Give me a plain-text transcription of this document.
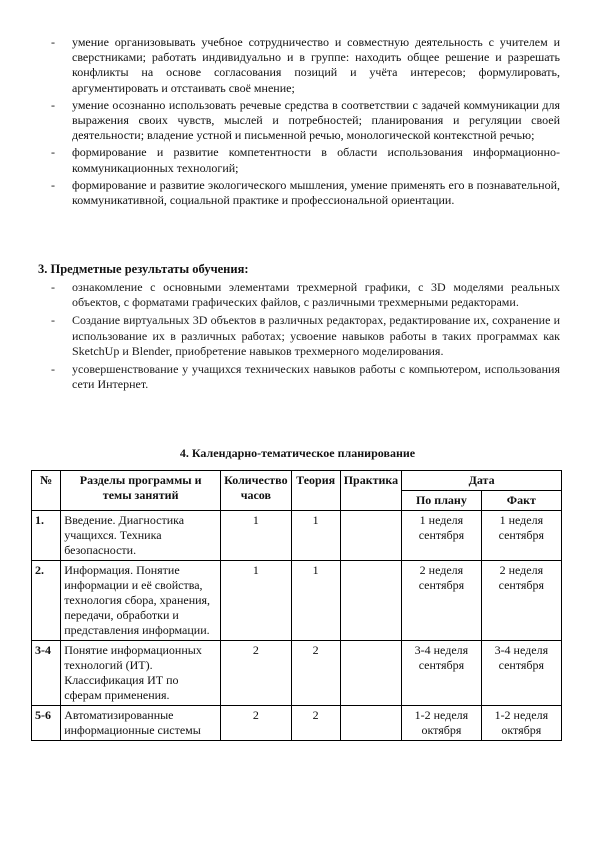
- умение организовывать учебное сотрудничество и совместную деятельность с учителем и сверстниками; работать индивидуально и в группе: находить общее решение и разрешать конфликты на основе согласования позиций и учёта интересов; формулировать, аргументировать и отстаивать своё мнение;
- умение осознанно использовать речевые средства в соответствии с задачей коммуникации для выражения своих чувств, мыслей и потребностей; планирования и регуляции своей деятельности; владение устной и письменной речью, монологической контекстной речью;
- формирование и развитие компетентности в области использования информационно-коммуникационных технологий;
- формирование и развитие экологического мышления, умение применять его в познавательной, коммуникативной, социальной практике и профессиональной ориентации.
3. Предметные результаты обучения:
- ознакомление с основными элементами трехмерной графики, с 3D моделями реальных объектов, с форматами графических файлов, с различными трехмерными редакторами.
- Создание виртуальных 3D объектов в различных редакторах, редактирование их, сохранение и использование их в различных работах; усвоение навыков работы в таких программах как SketchUp и Blender, приобретение навыков трехмерного моделирования.
- усовершенствование у учащихся технических навыков работы с компьютером, использования сети Интернет.
4. Календарно-тематическое планирование
№	Разделы программы и темы занятий	Количество часов	Теория	Практика	Дата	
					По плану	Факт
1.	Введение. Диагностика учащихся. Техника безопасности.	1	1		1 неделя сентября	1 неделя сентября
2.	Информация. Понятие информации и её свойства, технология сбора, хранения, передачи, обработки и представления информации.	1	1		2 неделя сентября	2 неделя сентября
3-4	Понятие информационных технологий (ИТ). Классификация ИТ по сферам применения.	2	2		3-4 неделя сентября	3-4 неделя сентября
5-6	Автоматизированные информационные системы	2	2		1-2 неделя октября	1-2 неделя октября
